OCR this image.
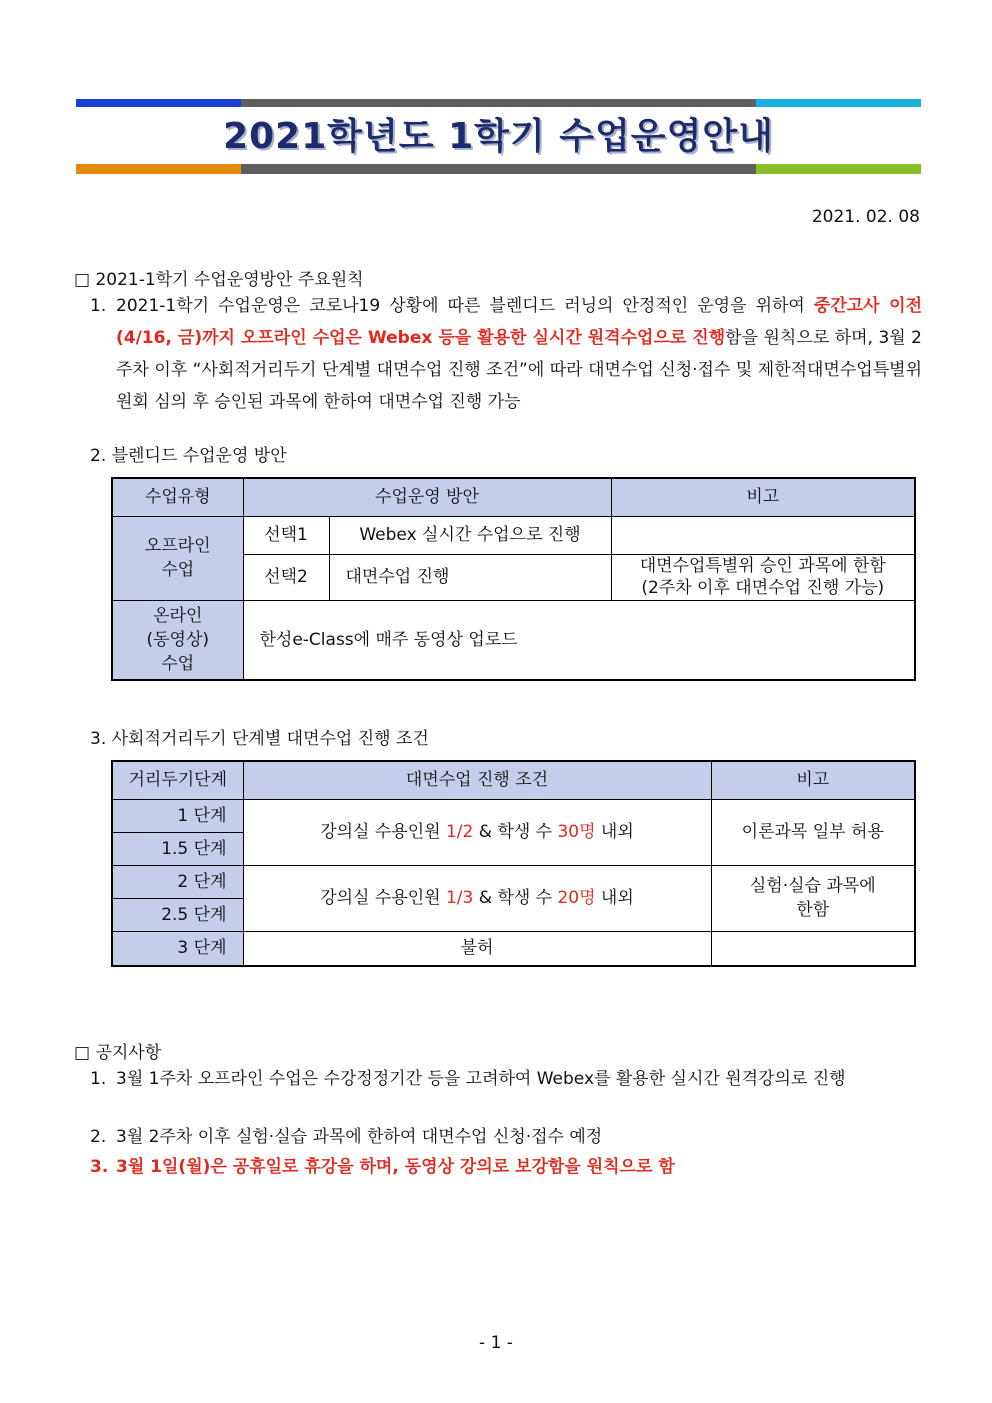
2021학년도 1학기 수업운영안내
2021. 02. 08
□ 2021-1학기 수업운영방안 주요원칙
1. 2021-1학기 수업운영은 코로나19 상황에 따른 블렌디드 러닝의 안정적인 운영을 위하여 중간고사 이전(4/16, 금)까지 오프라인 수업은 Webex 등을 활용한 실시간 원격수업으로 진행함을 원칙으로 하며, 3월 2주차 이후 “사회적거리두기 단계별 대면수업 진행 조건”에 따라 대면수업 신청·접수 및 제한적대면수업특별위원회 심의 후 승인된 과목에 한하여 대면수업 진행 가능
2. 블렌디드 수업운영 방안
수업유형	수업운영 방안		비고
오프라인
수업	선택1	Webex 실시간 수업으로 진행	
	선택2	대면수업 진행	대면수업특별위 승인 과목에 한함
(2주차 이후 대면수업 진행 가능)
온라인
(동영상)
수업	한성e-Class에 매주 동영상 업로드		
3. 사회적거리두기 단계별 대면수업 진행 조건
거리두기단계	대면수업 진행 조건	비고
1 단계	강의실 수용인원 1/2 & 학생 수 30명 내외	이론과목 일부 허용
1.5 단계		
2 단계	강의실 수용인원 1/3 & 학생 수 20명 내외	실험·실습 과목에
한함
2.5 단계		
3 단계	불허	
□ 공지사항
1. 3월 1주차 오프라인 수업은 수강정정기간 등을 고려하여 Webex를 활용한 실시간 원격강의로 진행
2. 3월 2주차 이후 실험·실습 과목에 한하여 대면수업 신청·접수 예정
3. 3월 1일(월)은 공휴일로 휴강을 하며, 동영상 강의로 보강함을 원칙으로 함
- 1 -
